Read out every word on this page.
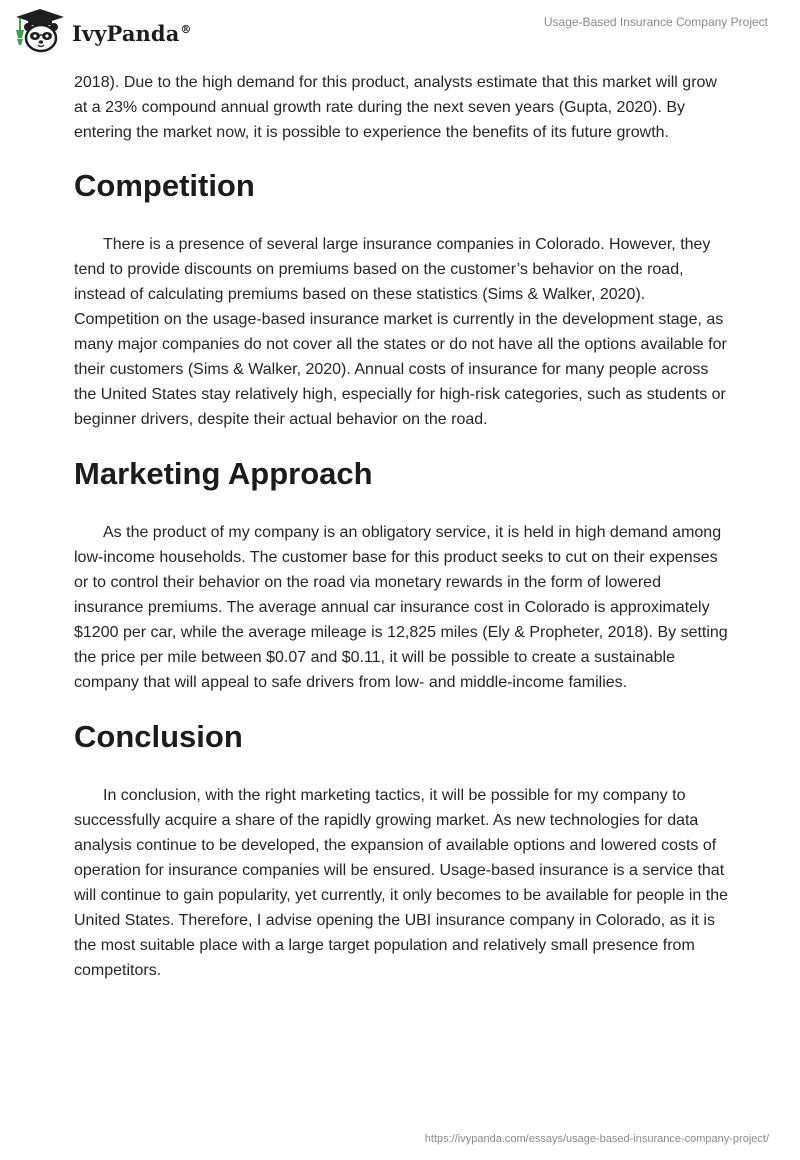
IvyPanda®	Usage-Based Insurance Company Project

2018). Due to the high demand for this product, analysts estimate that this market will grow at a 23% compound annual growth rate during the next seven years (Gupta, 2020). By entering the market now, it is possible to experience the benefits of its future growth.

Competition

There is a presence of several large insurance companies in Colorado. However, they tend to provide discounts on premiums based on the customer’s behavior on the road, instead of calculating premiums based on these statistics (Sims & Walker, 2020). Competition on the usage-based insurance market is currently in the development stage, as many major companies do not cover all the states or do not have all the options available for their customers (Sims & Walker, 2020). Annual costs of insurance for many people across the United States stay relatively high, especially for high-risk categories, such as students or beginner drivers, despite their actual behavior on the road.

Marketing Approach

As the product of my company is an obligatory service, it is held in high demand among low-income households. The customer base for this product seeks to cut on their expenses or to control their behavior on the road via monetary rewards in the form of lowered insurance premiums. The average annual car insurance cost in Colorado is approximately $1200 per car, while the average mileage is 12,825 miles (Ely & Propheter, 2018). By setting the price per mile between $0.07 and $0.11, it will be possible to create a sustainable company that will appeal to safe drivers from low- and middle-income families.

Conclusion

In conclusion, with the right marketing tactics, it will be possible for my company to successfully acquire a share of the rapidly growing market. As new technologies for data analysis continue to be developed, the expansion of available options and lowered costs of operation for insurance companies will be ensured. Usage-based insurance is a service that will continue to gain popularity, yet currently, it only becomes to be available for people in the United States. Therefore, I advise opening the UBI insurance company in Colorado, as it is the most suitable place with a large target population and relatively small presence from competitors.

https://ivypanda.com/essays/usage-based-insurance-company-project/
